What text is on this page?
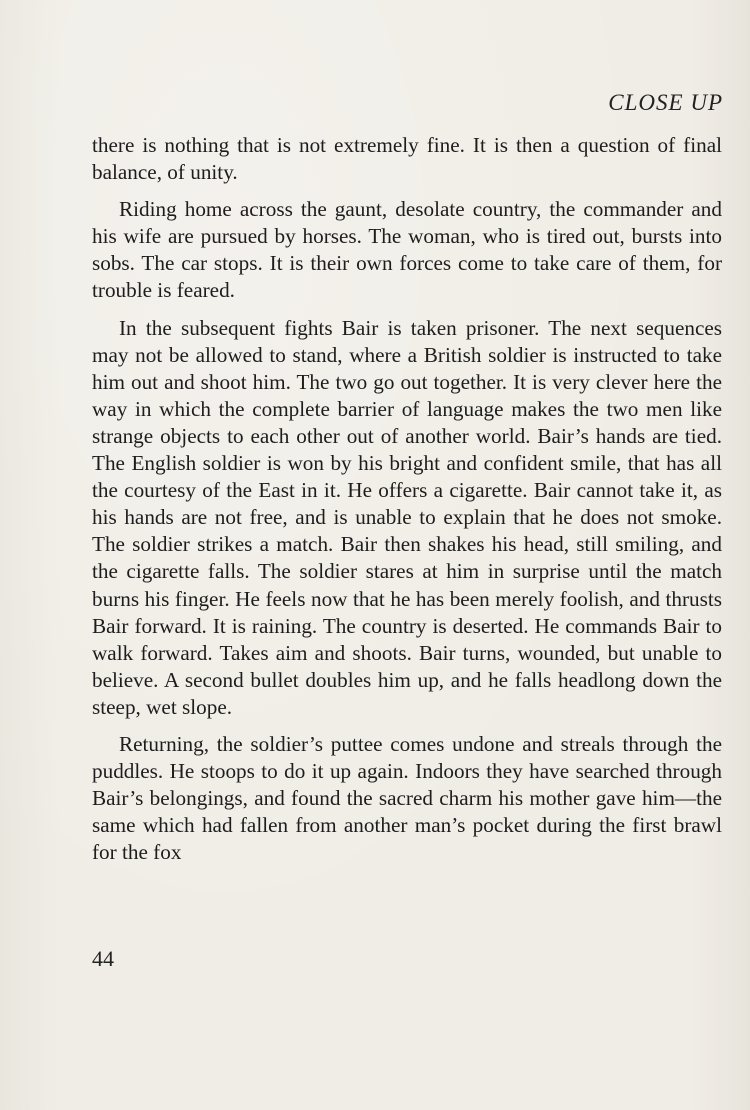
CLOSE UP

there is nothing that is not extremely fine. It is then a question of final balance, of unity.

Riding home across the gaunt, desolate country, the commander and his wife are pursued by horses. The woman, who is tired out, bursts into sobs. The car stops. It is their own forces come to take care of them, for trouble is feared.

In the subsequent fights Bair is taken prisoner. The next sequences may not be allowed to stand, where a British soldier is instructed to take him out and shoot him. The two go out together. It is very clever here the way in which the complete barrier of language makes the two men like strange objects to each other out of another world. Bair’s hands are tied. The English soldier is won by his bright and confident smile, that has all the courtesy of the East in it. He offers a cigarette. Bair cannot take it, as his hands are not free, and is unable to explain that he does not smoke. The soldier strikes a match. Bair then shakes his head, still smiling, and the cigarette falls. The soldier stares at him in surprise until the match burns his finger. He feels now that he has been merely foolish, and thrusts Bair forward. It is raining. The country is deserted. He commands Bair to walk forward. Takes aim and shoots. Bair turns, wounded, but unable to believe. A second bullet doubles him up, and he falls headlong down the steep, wet slope.

Returning, the soldier’s puttee comes undone and streals through the puddles. He stoops to do it up again. Indoors they have searched through Bair’s belongings, and found the sacred charm his mother gave him—the same which had fallen from another man’s pocket during the first brawl for the fox

44
